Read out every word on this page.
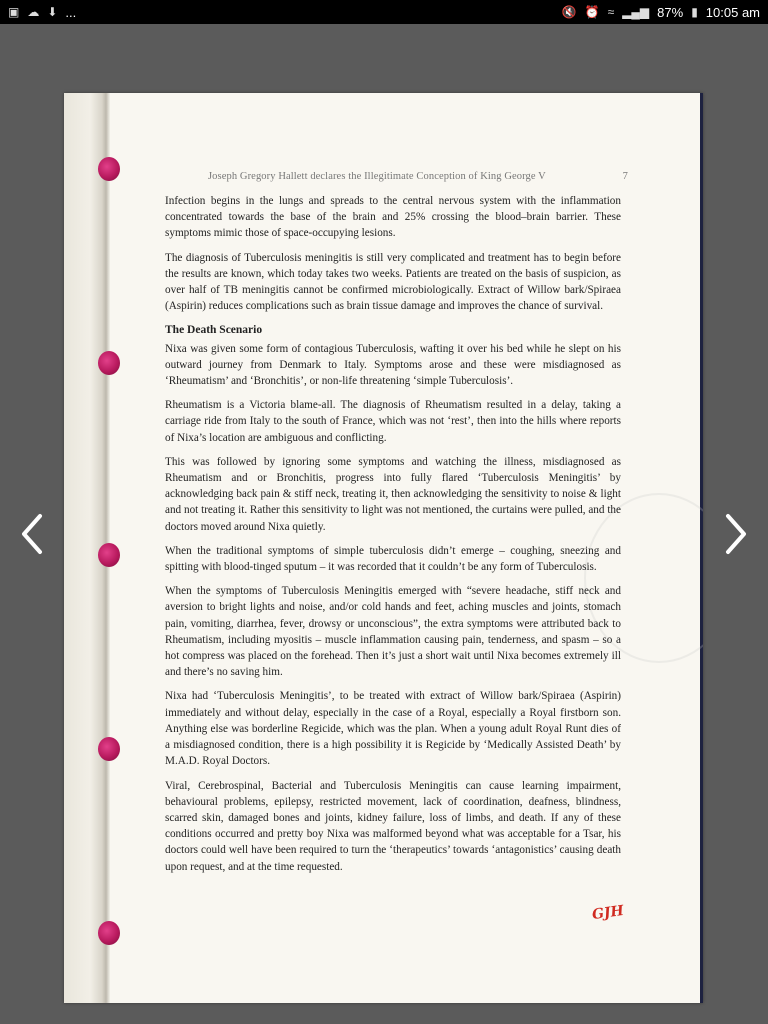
▣ ☁ ⬇ ...	🔇 ⏰ ≈ ▂▄▆ 87% ▮ 10:05 am
Joseph Gregory Hallett declares the Illegitimate Conception of King George V	7

Infection begins in the lungs and spreads to the central nervous system with the inflammation concentrated towards the base of the brain and 25% crossing the blood–brain barrier. These symptoms mimic those of space-occupying lesions.

The diagnosis of Tuberculosis meningitis is still very complicated and treatment has to begin before the results are known, which today takes two weeks. Patients are treated on the basis of suspicion, as over half of TB meningitis cannot be confirmed microbiologically. Extract of Willow bark/Spiraea (Aspirin) reduces complications such as brain tissue damage and improves the chance of survival.

The Death Scenario

Nixa was given some form of contagious Tuberculosis, wafting it over his bed while he slept on his outward journey from Denmark to Italy. Symptoms arose and these were misdiagnosed as ‘Rheumatism’ and ‘Bronchitis’, or non-life threatening ‘simple Tuberculosis’.

Rheumatism is a Victoria blame-all. The diagnosis of Rheumatism resulted in a delay, taking a carriage ride from Italy to the south of France, which was not ‘rest’, then into the hills where reports of Nixa’s location are ambiguous and conflicting.

This was followed by ignoring some symptoms and watching the illness, misdiagnosed as Rheumatism and or Bronchitis, progress into fully flared ‘Tuberculosis Meningitis’ by acknowledging back pain & stiff neck, treating it, then acknowledging the sensitivity to noise & light and not treating it. Rather this sensitivity to light was not mentioned, the curtains were pulled, and the doctors moved around Nixa quietly.

When the traditional symptoms of simple tuberculosis didn’t emerge – coughing, sneezing and spitting with blood-tinged sputum – it was recorded that it couldn’t be any form of Tuberculosis.

When the symptoms of Tuberculosis Meningitis emerged with “severe headache, stiff neck and aversion to bright lights and noise, and/or cold hands and feet, aching muscles and joints, stomach pain, vomiting, diarrhea, fever, drowsy or unconscious”, the extra symptoms were attributed back to Rheumatism, including myositis – muscle inflammation causing pain, tenderness, and spasm – so a hot compress was placed on the forehead. Then it’s just a short wait until Nixa becomes extremely ill and there’s no saving him.

Nixa had ‘Tuberculosis Meningitis’, to be treated with extract of Willow bark/Spiraea (Aspirin) immediately and without delay, especially in the case of a Royal, especially a Royal firstborn son. Anything else was borderline Regicide, which was the plan. When a young adult Royal Runt dies of a misdiagnosed condition, there is a high possibility it is Regicide by ‘Medically Assisted Death’ by M.A.D. Royal Doctors.

Viral, Cerebrospinal, Bacterial and Tuberculosis Meningitis can cause learning impairment, behavioural problems, epilepsy, restricted movement, lack of coordination, deafness, blindness, scarred skin, damaged bones and joints, kidney failure, loss of limbs, and death. If any of these conditions occurred and pretty boy Nixa was malformed beyond what was acceptable for a Tsar, his doctors could well have been required to turn the ‘therapeutics’ towards ‘antagonistics’ causing death upon request, and at the time requested.

GJH
